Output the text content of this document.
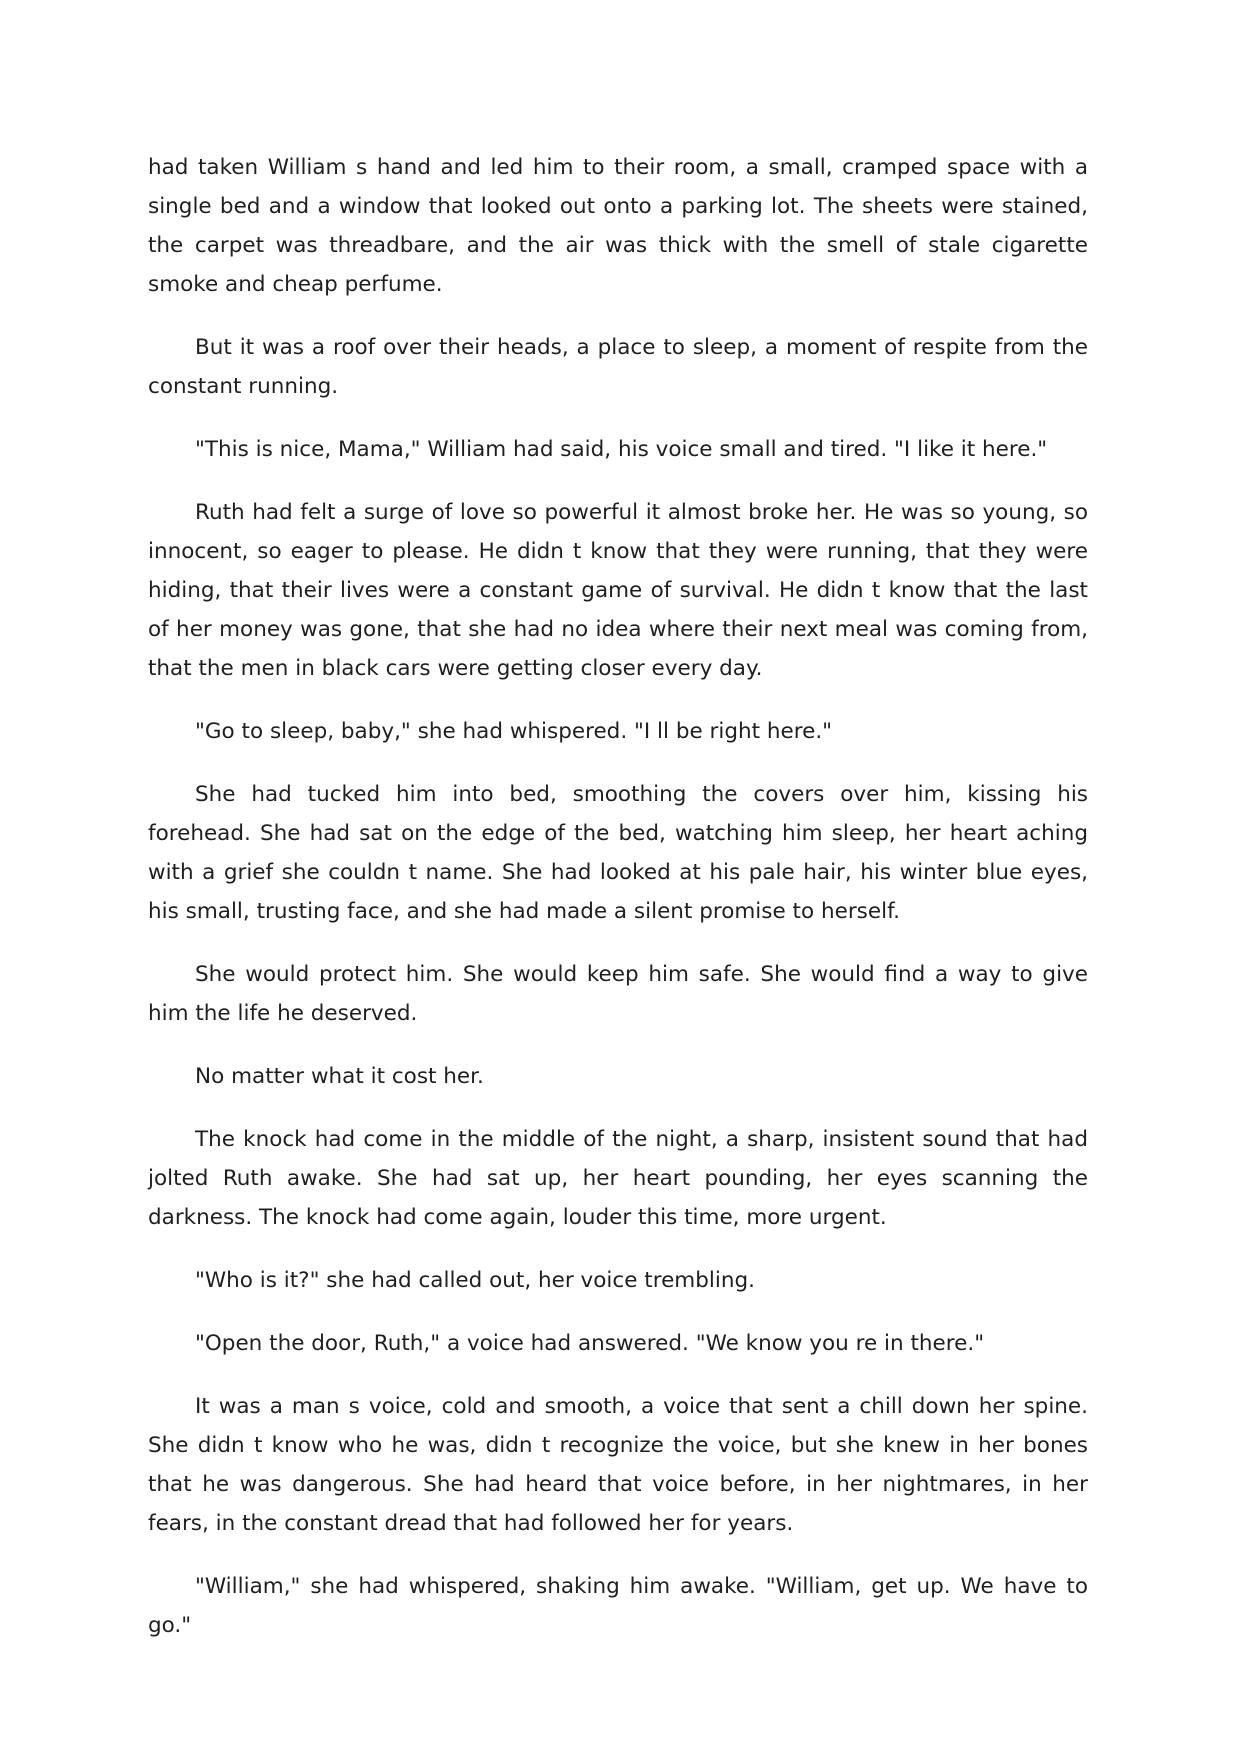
had taken William s hand and led him to their room, a small, cramped space with a single bed and a window that looked out onto a parking lot. The sheets were stained, the carpet was threadbare, and the air was thick with the smell of stale cigarette smoke and cheap perfume.

But it was a roof over their heads, a place to sleep, a moment of respite from the constant running.

"This is nice, Mama," William had said, his voice small and tired. "I like it here."

Ruth had felt a surge of love so powerful it almost broke her. He was so young, so innocent, so eager to please. He didn t know that they were running, that they were hiding, that their lives were a constant game of survival. He didn t know that the last of her money was gone, that she had no idea where their next meal was coming from, that the men in black cars were getting closer every day.

"Go to sleep, baby," she had whispered. "I ll be right here."

She had tucked him into bed, smoothing the covers over him, kissing his forehead. She had sat on the edge of the bed, watching him sleep, her heart aching with a grief she couldn t name. She had looked at his pale hair, his winter blue eyes, his small, trusting face, and she had made a silent promise to herself.

She would protect him. She would keep him safe. She would find a way to give him the life he deserved.

No matter what it cost her.

The knock had come in the middle of the night, a sharp, insistent sound that had jolted Ruth awake. She had sat up, her heart pounding, her eyes scanning the darkness. The knock had come again, louder this time, more urgent.

"Who is it?" she had called out, her voice trembling.

"Open the door, Ruth," a voice had answered. "We know you re in there."

It was a man s voice, cold and smooth, a voice that sent a chill down her spine. She didn t know who he was, didn t recognize the voice, but she knew in her bones that he was dangerous. She had heard that voice before, in her nightmares, in her fears, in the constant dread that had followed her for years.

"William," she had whispered, shaking him awake. "William, get up. We have to go."
